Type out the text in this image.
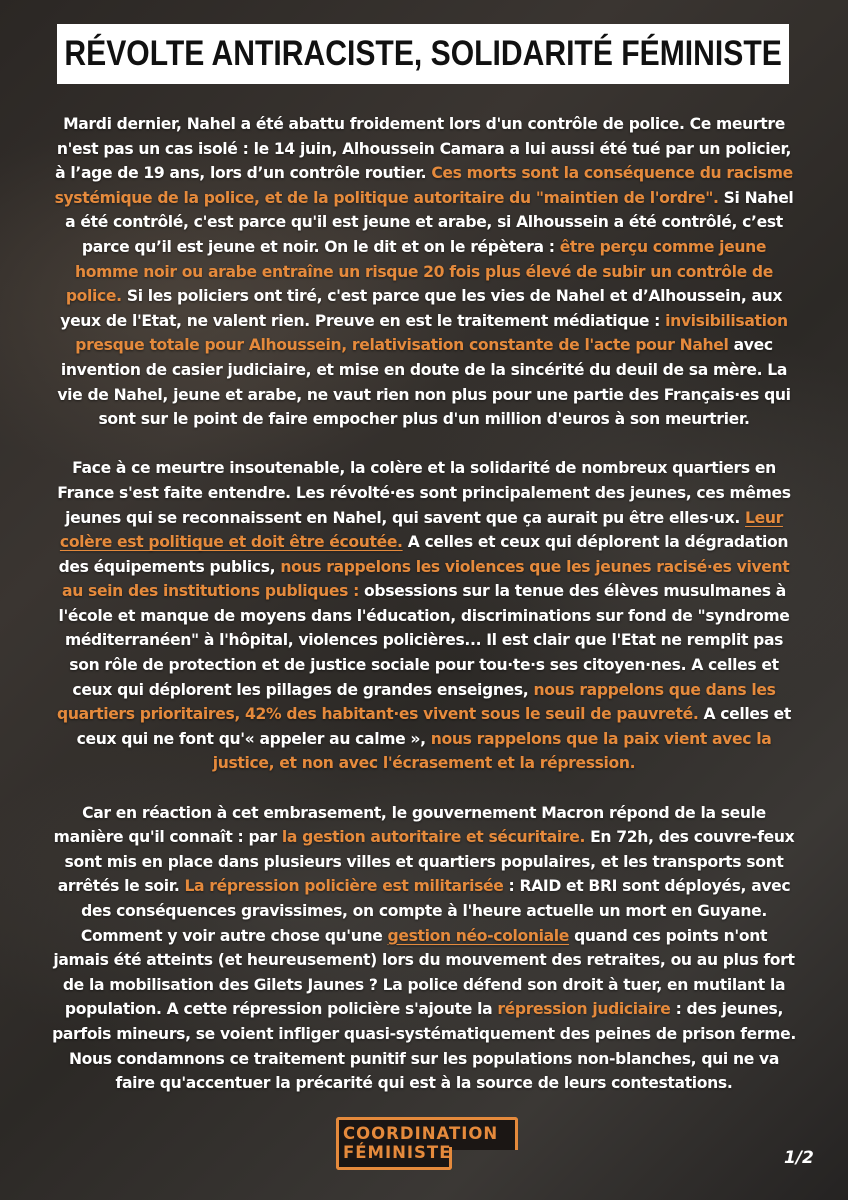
RÉVOLTE ANTIRACISTE, SOLIDARITÉ FÉMINISTE

Mardi dernier, Nahel a été abattu froidement lors d'un contrôle de police. Ce meurtre n'est pas un cas isolé : le 14 juin, Alhoussein Camara a lui aussi été tué par un policier, à l’age de 19 ans, lors d’un contrôle routier. Ces morts sont la conséquence du racisme systémique de la police, et de la politique autoritaire du "maintien de l'ordre". Si Nahel a été contrôlé, c'est parce qu'il est jeune et arabe, si Alhoussein a été contrôlé, c’est parce qu’il est jeune et noir. On le dit et on le répètera : être perçu comme jeune homme noir ou arabe entraîne un risque 20 fois plus élevé de subir un contrôle de police. Si les policiers ont tiré, c'est parce que les vies de Nahel et d’Alhoussein, aux yeux de l'Etat, ne valent rien. Preuve en est le traitement médiatique : invisibilisation presque totale pour Alhoussein, relativisation constante de l'acte pour Nahel avec invention de casier judiciaire, et mise en doute de la sincérité du deuil de sa mère. La vie de Nahel, jeune et arabe, ne vaut rien non plus pour une partie des Français·es qui sont sur le point de faire empocher plus d'un million d'euros à son meurtrier.

Face à ce meurtre insoutenable, la colère et la solidarité de nombreux quartiers en France s'est faite entendre. Les révolté·es sont principalement des jeunes, ces mêmes jeunes qui se reconnaissent en Nahel, qui savent que ça aurait pu être elles·ux. Leur colère est politique et doit être écoutée. A celles et ceux qui déplorent la dégradation des équipements publics, nous rappelons les violences que les jeunes racisé·es vivent au sein des institutions publiques : obsessions sur la tenue des élèves musulmanes à l'école et manque de moyens dans l'éducation, discriminations sur fond de "syndrome méditerranéen" à l'hôpital, violences policières... Il est clair que l'Etat ne remplit pas son rôle de protection et de justice sociale pour tou·te·s ses citoyen·nes. A celles et ceux qui déplorent les pillages de grandes enseignes, nous rappelons que dans les quartiers prioritaires, 42% des habitant·es vivent sous le seuil de pauvreté. A celles et ceux qui ne font qu'« appeler au calme », nous rappelons que la paix vient avec la justice, et non avec l'écrasement et la répression.

Car en réaction à cet embrasement, le gouvernement Macron répond de la seule manière qu'il connaît : par la gestion autoritaire et sécuritaire. En 72h, des couvre-feux sont mis en place dans plusieurs villes et quartiers populaires, et les transports sont arrêtés le soir. La répression policière est militarisée : RAID et BRI sont déployés, avec des conséquences gravissimes, on compte à l'heure actuelle un mort en Guyane. Comment y voir autre chose qu'une gestion néo-coloniale quand ces points n'ont jamais été atteints (et heureusement) lors du mouvement des retraites, ou au plus fort de la mobilisation des Gilets Jaunes ? La police défend son droit à tuer, en mutilant la population. A cette répression policière s'ajoute la répression judiciaire : des jeunes, parfois mineurs, se voient infliger quasi-systématiquement des peines de prison ferme. Nous condamnons ce traitement punitif sur les populations non-blanches, qui ne va faire qu'accentuer la précarité qui est à la source de leurs contestations.

COORDINATION
FÉMINISTE	1/2
